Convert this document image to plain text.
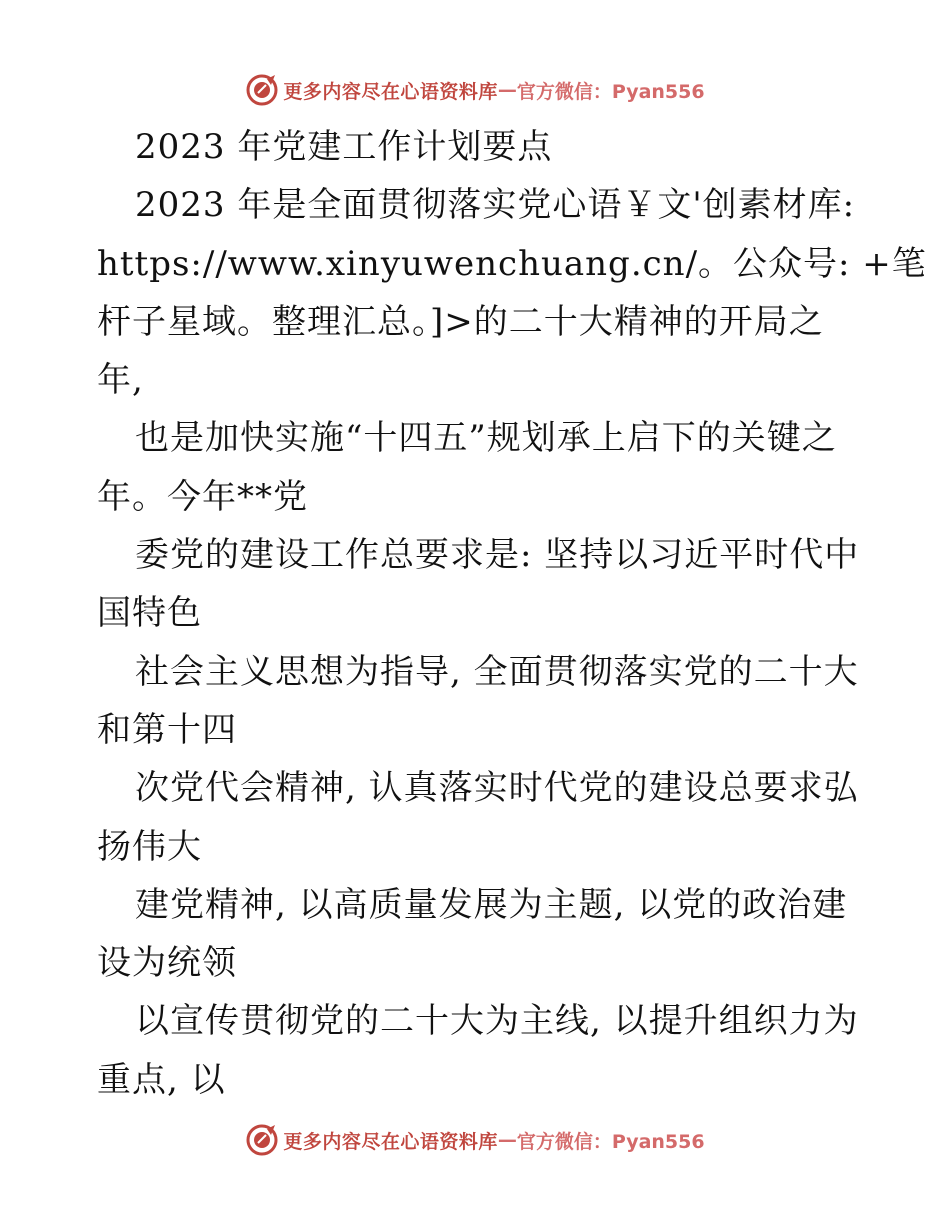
更多内容尽在心语资料库 — 官方微信：Pyan556
2023 年党建工作计划要点
2023 年是全面贯彻落实党心语￥文'创素材库:
https://www.xinyuwenchuang.cn/。公众号: +笔
杆子星域。整理汇总。]>的二十大精神的开局之
年,
也是加快实施“十四五”规划承上启下的关键之
年。今年**党
委党的建设工作总要求是: 坚持以习近平时代中
国特色
社会主义思想为指导, 全面贯彻落实党的二十大
和第十四
次党代会精神, 认真落实时代党的建设总要求弘
扬伟大
建党精神, 以高质量发展为主题, 以党的政治建
设为统领
以宣传贯彻党的二十大为主线, 以提升组织力为
重点, 以
更多内容尽在心语资料库 — 官方微信：Pyan556
